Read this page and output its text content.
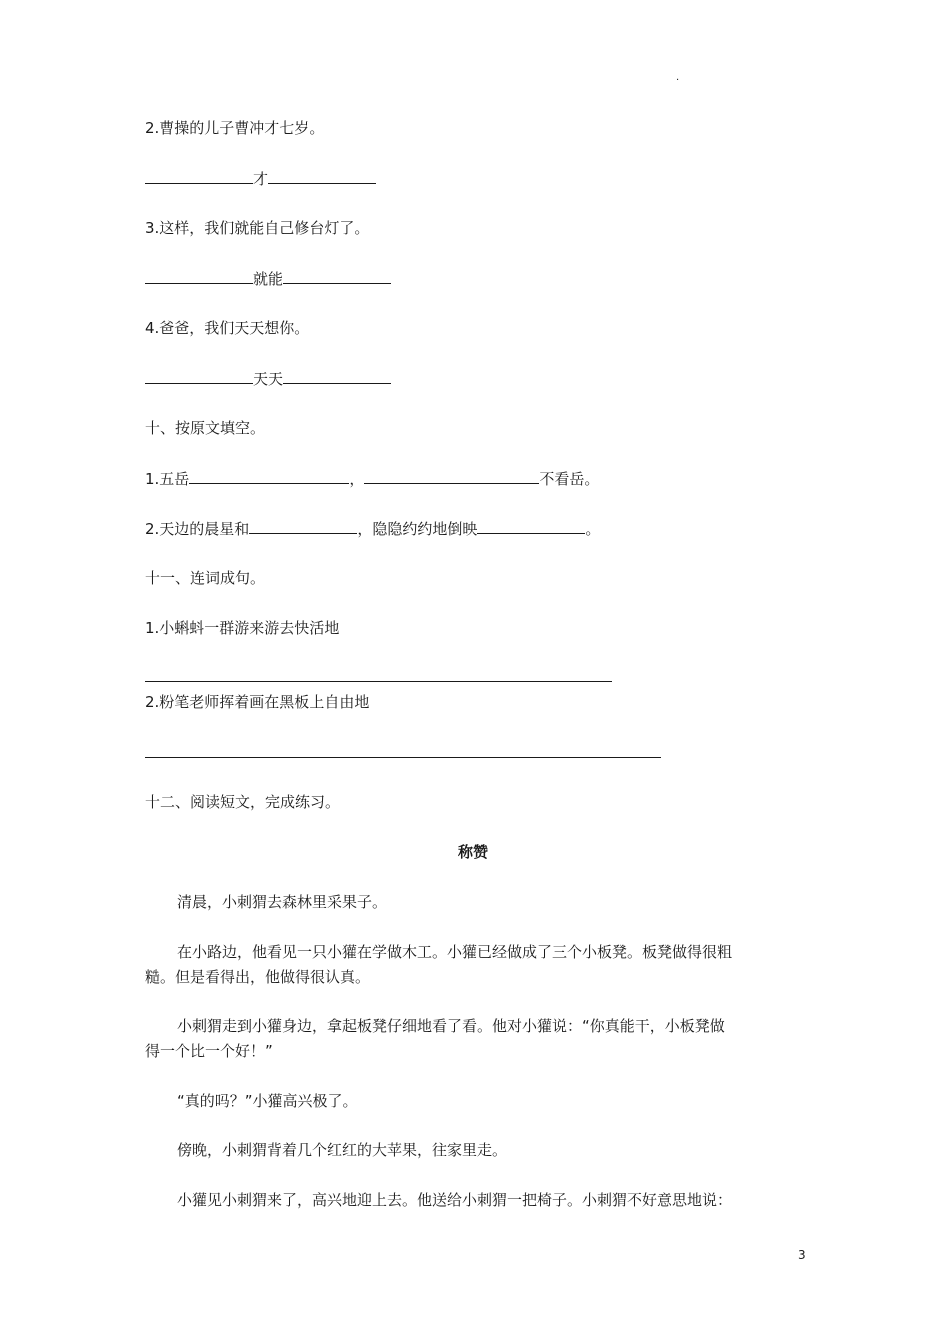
.
2.曹操的儿子曹冲才七岁。
才
3.这样，我们就能自己修台灯了。
就能
4.爸爸，我们天天想你。
天天
十、按原文填空。
1.五岳	，	不看岳。
2.天边的晨星和	，隐隐约约地倒映	。
十一、连词成句。
1.小蝌蚪一群游来游去快活地
2.粉笔老师挥着画在黑板上自由地
十二、阅读短文，完成练习。
称赞
清晨，小刺猬去森林里采果子。
在小路边，他看见一只小獾在学做木工。小獾已经做成了三个小板凳。板凳做得很粗
糙。但是看得出，他做得很认真。
小刺猬走到小獾身边，拿起板凳仔细地看了看。他对小獾说：“你真能干，小板凳做
得一个比一个好！”
“真的吗？”小獾高兴极了。
傍晚，小刺猬背着几个红红的大苹果，往家里走。
小獾见小刺猬来了，高兴地迎上去。他送给小刺猬一把椅子。小刺猬不好意思地说：
3
